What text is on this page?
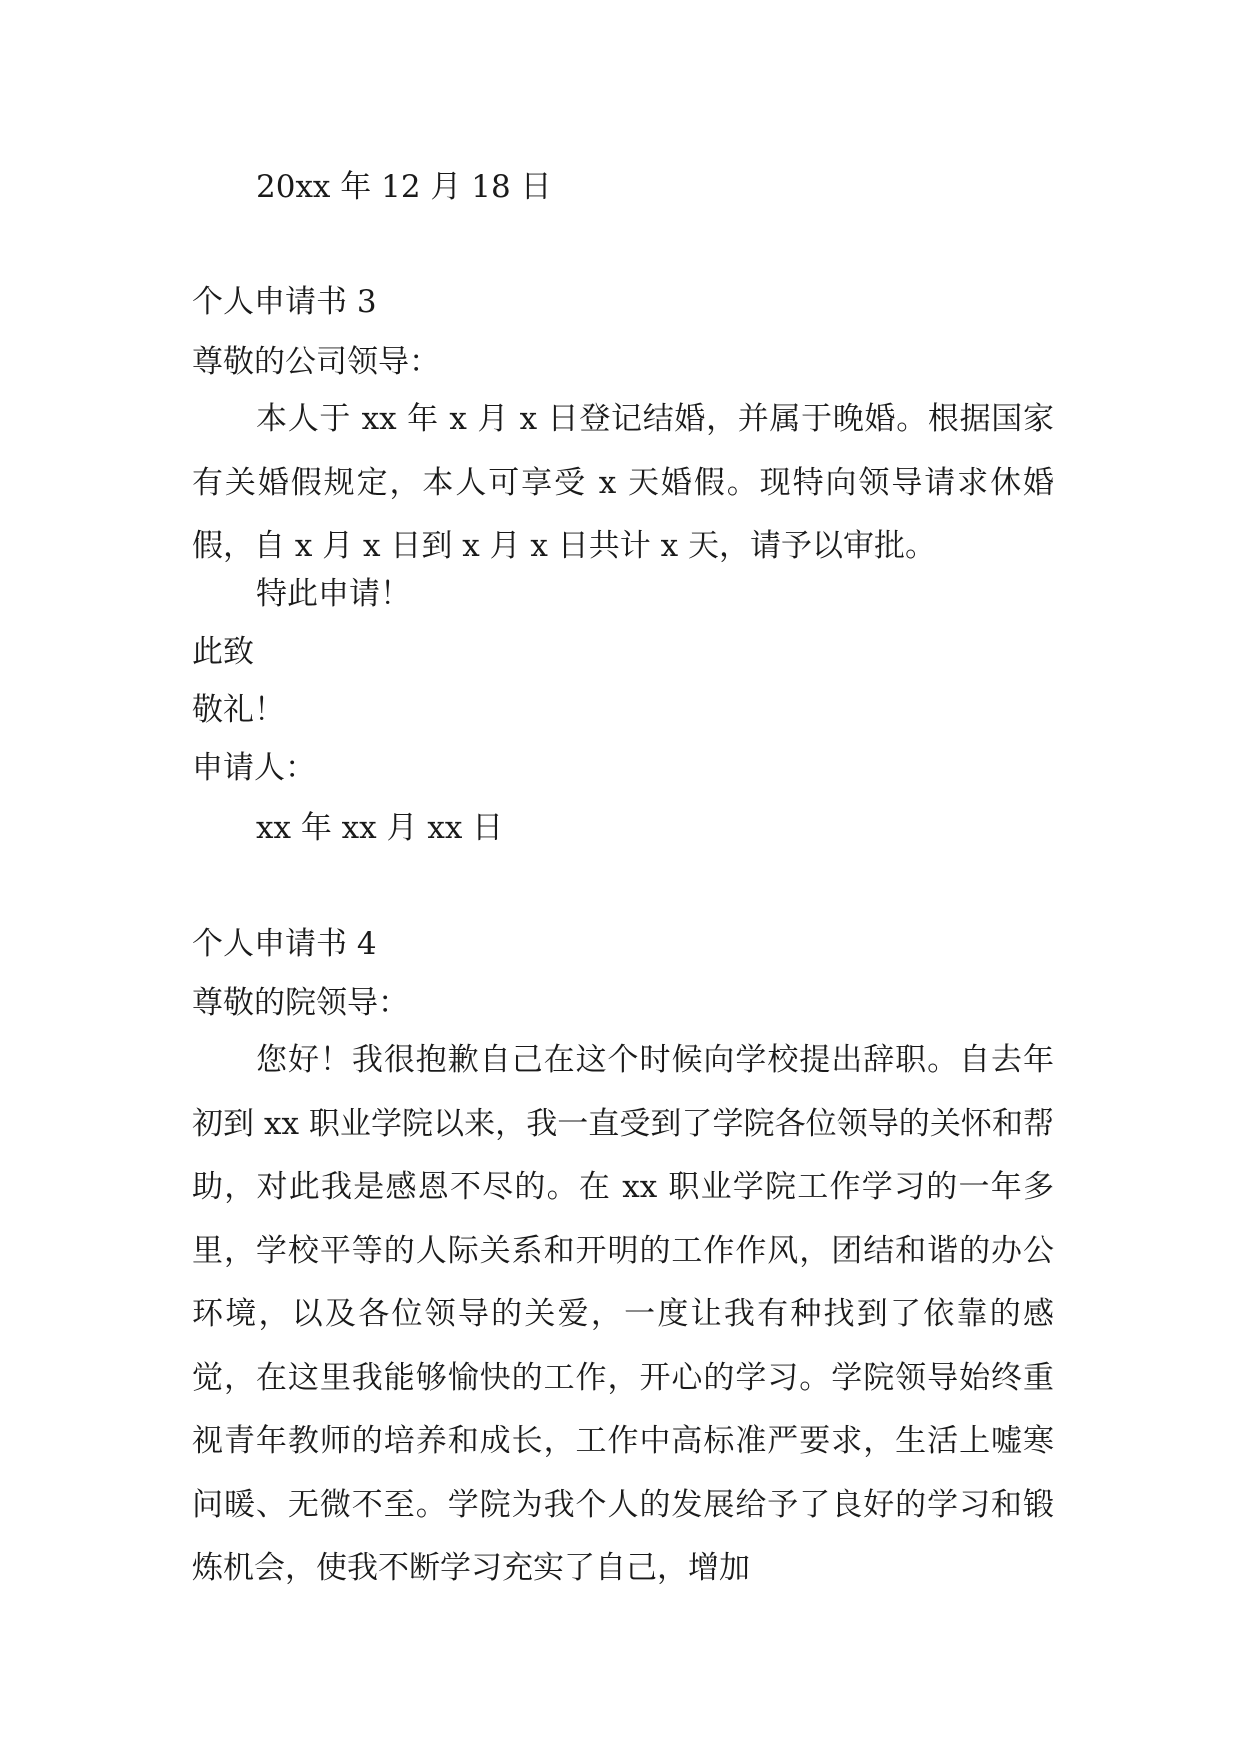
20xx 年 12 月 18 日
个人申请书 3
尊敬的公司领导：
本人于 xx 年 x 月 x 日登记结婚，并属于晚婚。根据国家有关婚假规定，本人可享受 x 天婚假。现特向领导请求休婚假，自 x 月 x 日到 x 月 x 日共计 x 天，请予以审批。
特此申请！
此致
敬礼！
申请人：
xx 年 xx 月 xx 日
个人申请书 4
尊敬的院领导：
您好！我很抱歉自己在这个时候向学校提出辞职。自去年初到 xx 职业学院以来，我一直受到了学院各位领导的关怀和帮助，对此我是感恩不尽的。在 xx 职业学院工作学习的一年多里，学校平等的人际关系和开明的工作作风，团结和谐的办公环境，以及各位领导的关爱，一度让我有种找到了依靠的感觉，在这里我能够愉快的工作，开心的学习。学院领导始终重视青年教师的培养和成长，工作中高标准严要求，生活上嘘寒问暖、无微不至。学院为我个人的发展给予了良好的学习和锻炼机会，使我不断学习充实了自己，增加
